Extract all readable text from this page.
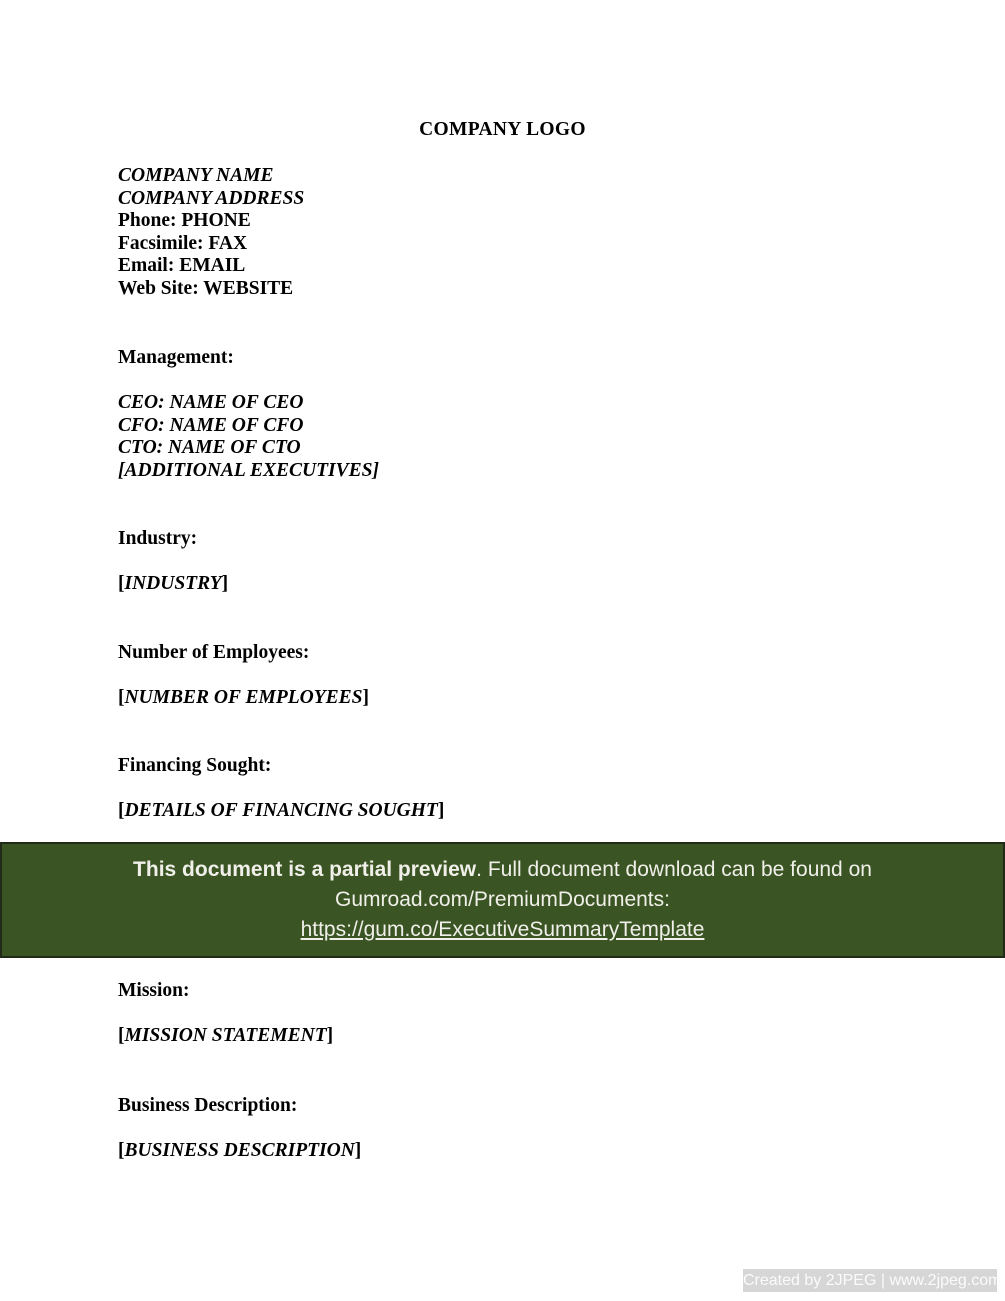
COMPANY LOGO

COMPANY NAME

COMPANY ADDRESS

Phone: PHONE

Facsimile: FAX

Email: EMAIL

Web Site: WEBSITE

Management:

CEO: NAME OF CEO

CFO: NAME OF CFO

CTO: NAME OF CTO

[ADDITIONAL EXECUTIVES]

Industry:
[INDUSTRY]
Number of Employees:
[NUMBER OF EMPLOYEES]
Financing Sought:
[DETAILS OF FINANCING SOUGHT]

This document is a partial preview. Full document download can be found on

Gumroad.com/PremiumDocuments:

https://gum.co/ExecutiveSummaryTemplate

Mission:
[MISSION STATEMENT]
Business Description:
[BUSINESS DESCRIPTION]
Created by 2JPEG | www.2jpeg.com
